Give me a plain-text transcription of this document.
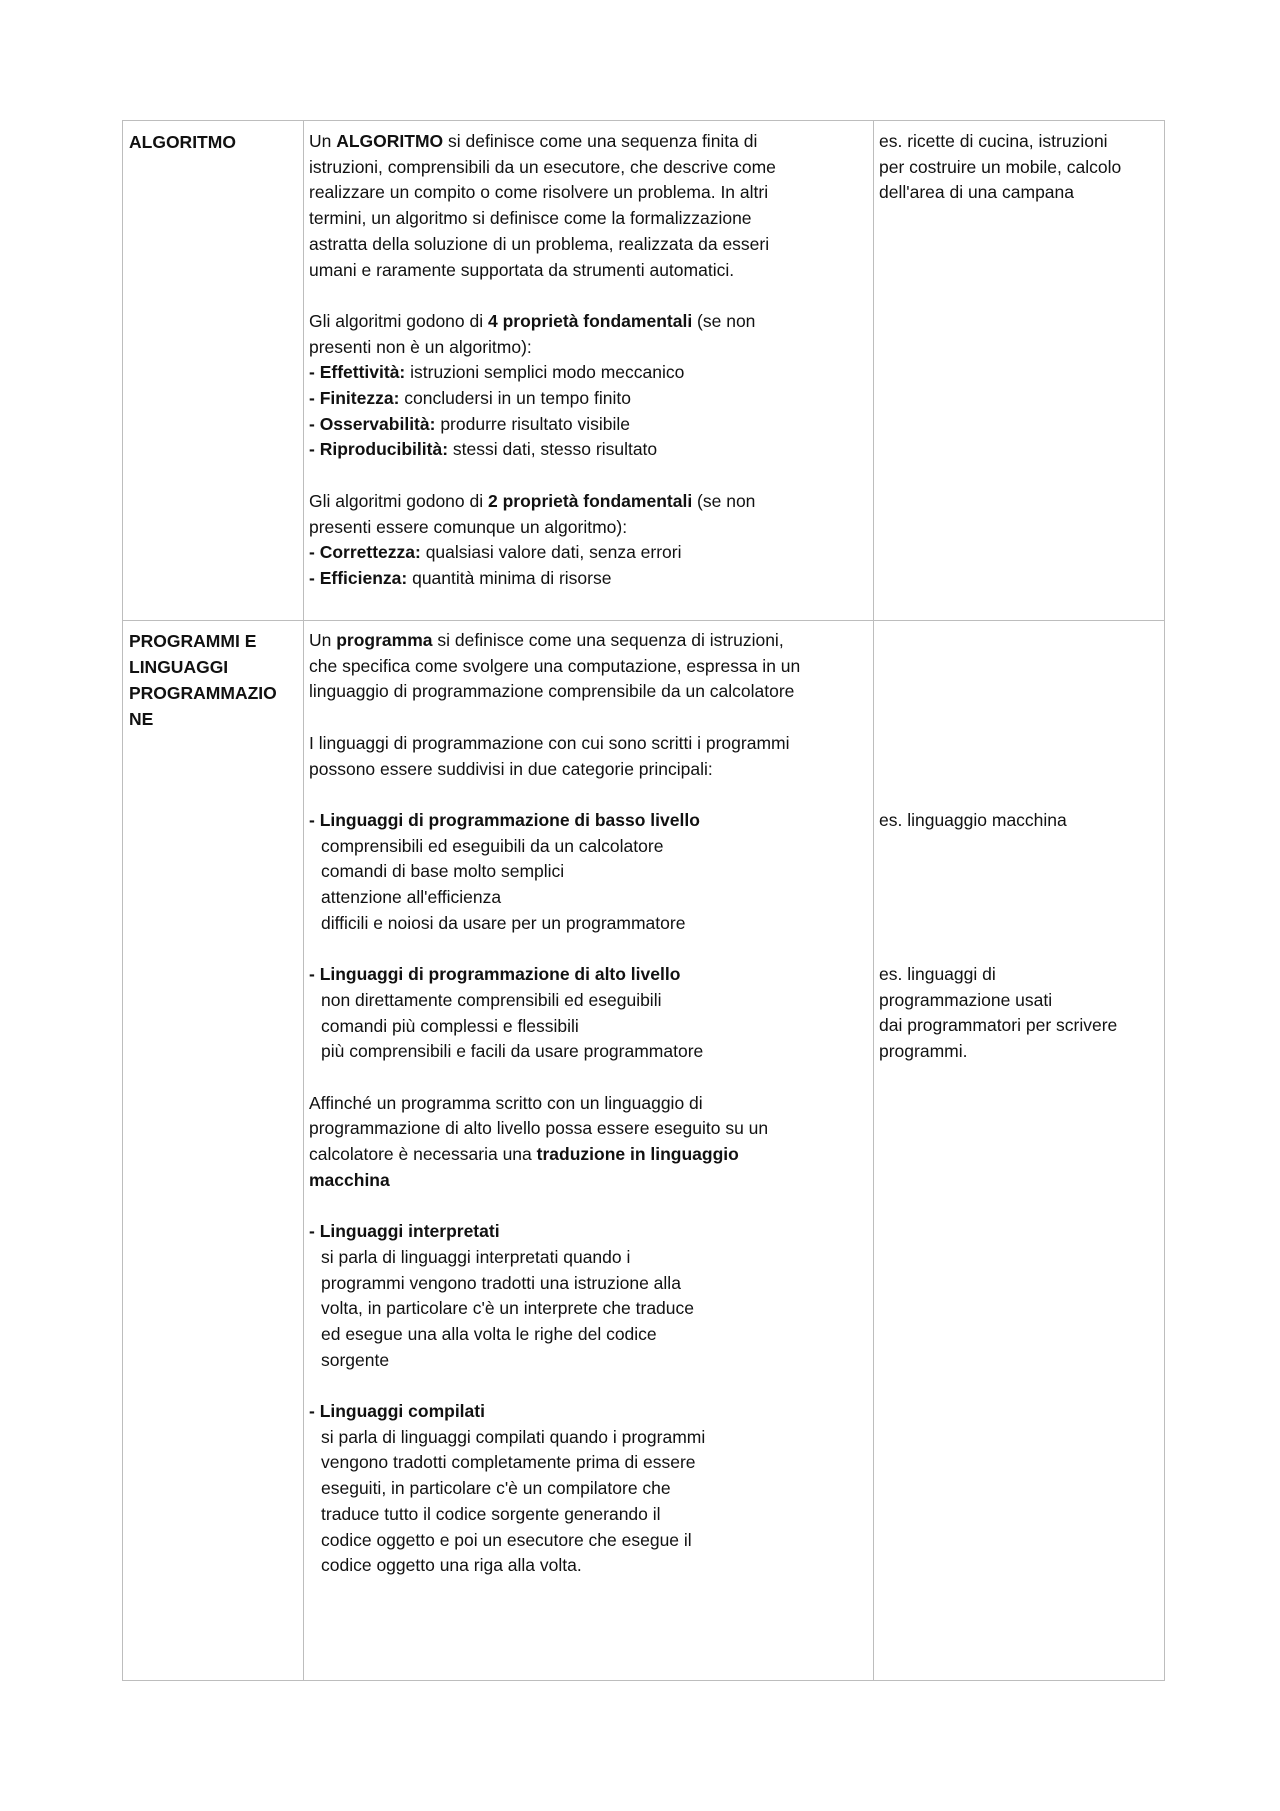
ALGORITMO	Un ALGORITMO si definisce come una sequenza finita di
istruzioni, comprensibili da un esecutore, che descrive come
realizzare un compito o come risolvere un problema. In altri
termini, un algoritmo si definisce come la formalizzazione
astratta della soluzione di un problema, realizzata da esseri
umani e raramente supportata da strumenti automatici.
Gli algoritmi godono di 4 proprietà fondamentali (se non
presenti non è un algoritmo):
- Effettività: istruzioni semplici modo meccanico
- Finitezza: concludersi in un tempo finito
- Osservabilità: produrre risultato visibile
- Riproducibilità: stessi dati, stesso risultato
Gli algoritmi godono di 2 proprietà fondamentali (se non
presenti essere comunque un algoritmo):
- Correttezza: qualsiasi valore dati, senza errori
- Efficienza: quantità minima di risorse
es. ricette di cucina, istruzioni
per costruire un mobile, calcolo
dell'area di una campana
PROGRAMMI E
LINGUAGGI
PROGRAMMAZIO
NE
Un programma si definisce come una sequenza di istruzioni,
che specifica come svolgere una computazione, espressa in un
linguaggio di programmazione comprensibile da un calcolatore
I linguaggi di programmazione con cui sono scritti i programmi
possono essere suddivisi in due categorie principali:
- Linguaggi di programmazione di basso livello
comprensibili ed eseguibili da un calcolatore
comandi di base molto semplici
attenzione all'efficienza
difficili e noiosi da usare per un programmatore
- Linguaggi di programmazione di alto livello
non direttamente comprensibili ed eseguibili
comandi più complessi e flessibili
più comprensibili e facili da usare programmatore
Affinché un programma scritto con un linguaggio di
programmazione di alto livello possa essere eseguito su un
calcolatore è necessaria una traduzione in linguaggio
macchina
- Linguaggi interpretati
si parla di linguaggi interpretati quando i
programmi vengono tradotti una istruzione alla
volta, in particolare c'è un interprete che traduce
ed esegue una alla volta le righe del codice
sorgente
- Linguaggi compilati
si parla di linguaggi compilati quando i programmi
vengono tradotti completamente prima di essere
eseguiti, in particolare c'è un compilatore che
traduce tutto il codice sorgente generando il
codice oggetto e poi un esecutore che esegue il
codice oggetto una riga alla volta.
es. linguaggio macchina
es. linguaggi di
programmazione usati
dai programmatori per scrivere
programmi.
